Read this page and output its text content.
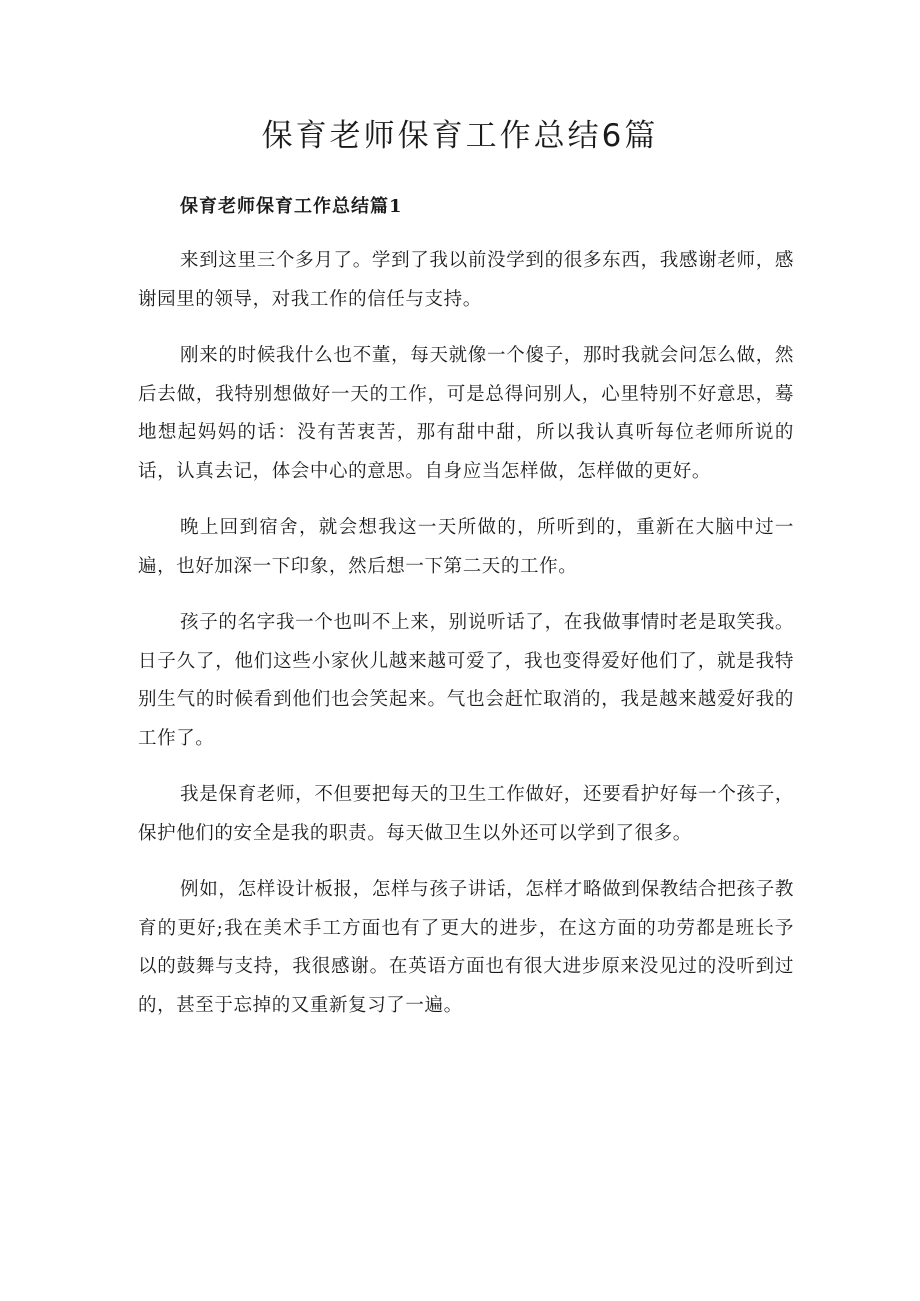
保育老师保育工作总结6篇
保育老师保育工作总结篇1

来到这里三个多月了。学到了我以前没学到的很多东西，我感谢老师，感谢园里的领导，对我工作的信任与支持。

刚来的时候我什么也不董，每天就像一个傻子，那时我就会问怎么做，然后去做，我特别想做好一天的工作，可是总得问别人，心里特别不好意思，蓦地想起妈妈的话：没有苦衷苦，那有甜中甜，所以我认真听每位老师所说的话，认真去记，体会中心的意思。自身应当怎样做，怎样做的更好。

晚上回到宿舍，就会想我这一天所做的，所听到的，重新在大脑中过一遍，也好加深一下印象，然后想一下第二天的工作。

孩子的名字我一个也叫不上来，别说听话了，在我做事情时老是取笑我。日子久了，他们这些小家伙儿越来越可爱了，我也变得爱好他们了，就是我特别生气的时候看到他们也会笑起来。气也会赶忙取消的，我是越来越爱好我的工作了。

我是保育老师，不但要把每天的卫生工作做好，还要看护好每一个孩子，保护他们的安全是我的职责。每天做卫生以外还可以学到了很多。

例如，怎样设计板报，怎样与孩子讲话，怎样才略做到保教结合把孩子教育的更好;我在美术手工方面也有了更大的进步，在这方面的功劳都是班长予以的鼓舞与支持，我很感谢。在英语方面也有很大进步原来没见过的没听到过的，甚至于忘掉的又重新复习了一遍。
